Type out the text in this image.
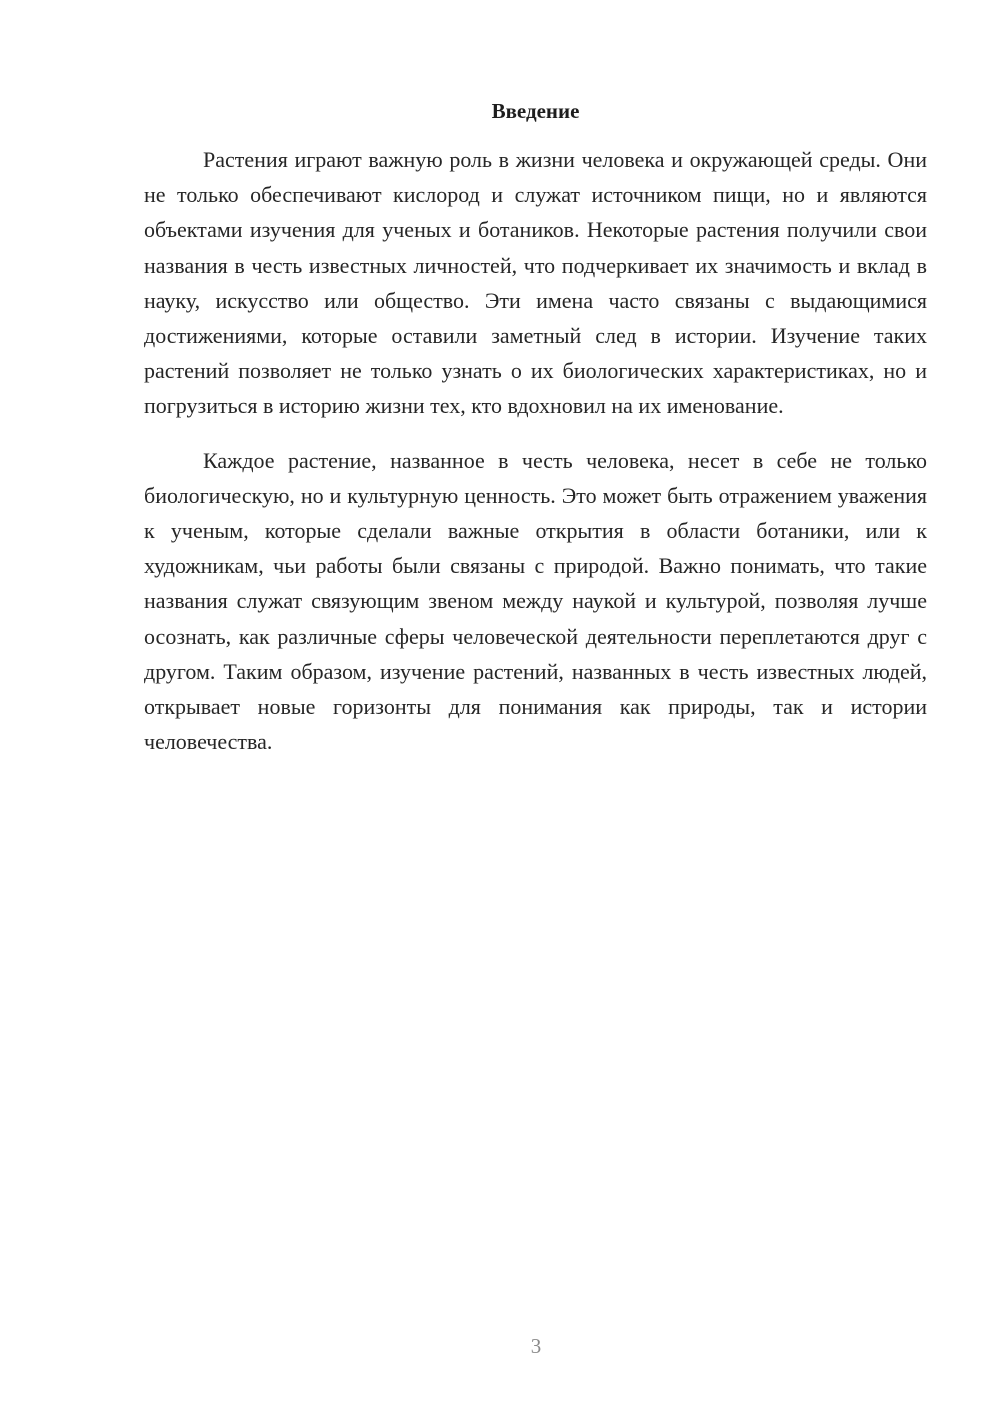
Введение

Растения играют важную роль в жизни человека и окружающей среды. Они не только обеспечивают кислород и служат источником пищи, но и являются объектами изучения для ученых и ботаников. Некоторые растения получили свои названия в честь известных личностей, что подчеркивает их значимость и вклад в науку, искусство или общество. Эти имена часто связаны с выдающимися достижениями, которые оставили заметный след в истории. Изучение таких растений позволяет не только узнать о их биологических характеристиках, но и погрузиться в историю жизни тех, кто вдохновил на их именование.

Каждое растение, названное в честь человека, несет в себе не только биологическую, но и культурную ценность. Это может быть отражением уважения к ученым, которые сделали важные открытия в области ботаники, или к художникам, чьи работы были связаны с природой. Важно понимать, что такие названия служат связующим звеном между наукой и культурой, позволяя лучше осознать, как различные сферы человеческой деятельности переплетаются друг с другом. Таким образом, изучение растений, названных в честь известных людей, открывает новые горизонты для понимания как природы, так и истории человечества.

3
